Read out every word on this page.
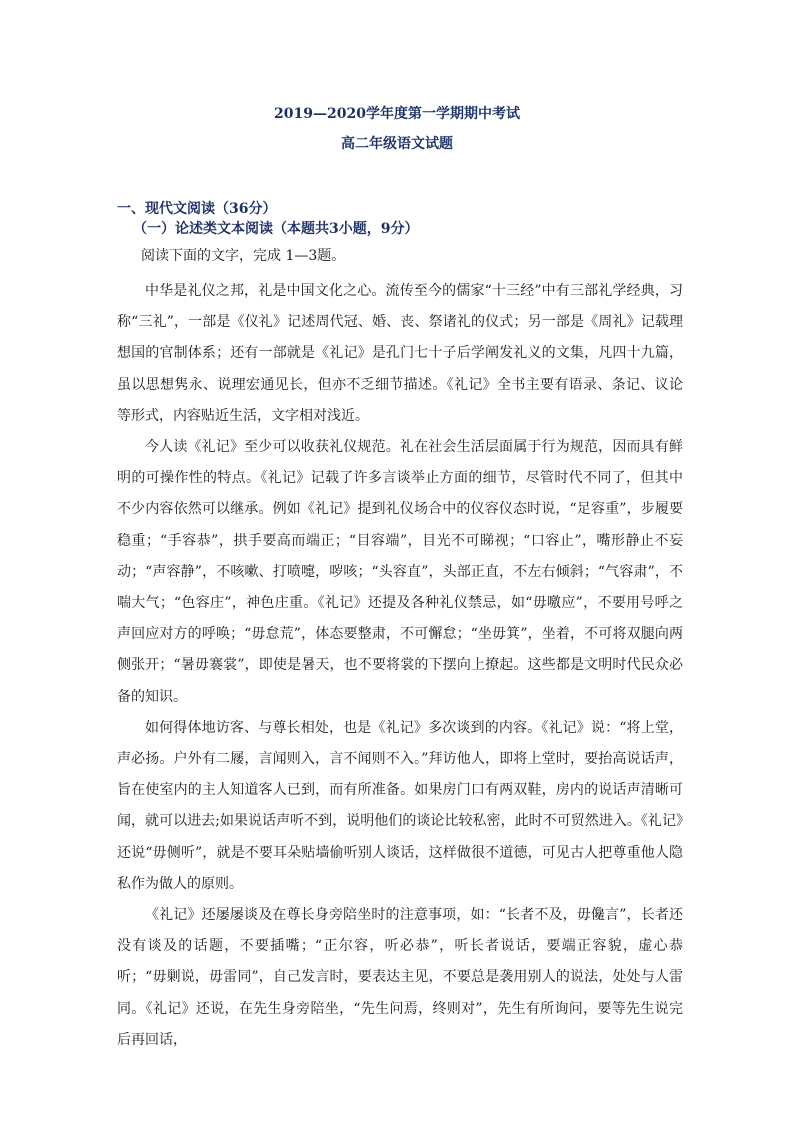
2019—2020学年度第一学期期中考试
高二年级语文试题
一、现代文阅读（36分）
（一）论述类文本阅读（本题共3小题，9分）
阅读下面的文字，完成 1—3题。

中华是礼仪之邦，礼是中国文化之心。流传至今的儒家“十三经”中有三部礼学经典，习称“三礼”，一部是《仪礼》记述周代冠、婚、丧、祭诸礼的仪式；另一部是《周礼》记载理想国的官制体系；还有一部就是《礼记》是孔门七十子后学阐发礼义的文集，凡四十九篇，虽以思想隽永、说理宏通见长，但亦不乏细节描述。《礼记》全书主要有语录、条记、议论等形式，内容贴近生活，文字相对浅近。

今人读《礼记》至少可以收获礼仪规范。礼在社会生活层面属于行为规范，因而具有鲜明的可操作性的特点。《礼记》记载了许多言谈举止方面的细节，尽管时代不同了，但其中不少内容依然可以继承。例如《礼记》提到礼仪场合中的仪容仪态时说，“足容重”，步履要稳重；“手容恭”，拱手要高而端正；“目容端”，目光不可睇视；“口容止”，嘴形静止不妄动；“声容静”，不咳嗽、打喷嚏，哕咳；“头容直”，头部正直，不左右倾斜；“气容肃”，不喘大气；“色容庄”，神色庄重。《礼记》还提及各种礼仪禁忌，如“毋噭应”，不要用号呼之声回应对方的呼唤；“毋怠荒”，体态要整肃，不可懈怠；“坐毋箕”，坐着，不可将双腿向两侧张开；“暑毋褰裳”，即使是暑天，也不要将裳的下摆向上撩起。这些都是文明时代民众必备的知识。

如何得体地访客、与尊长相处，也是《礼记》多次谈到的内容。《礼记》说：“将上堂，声必扬。户外有二屦，言闻则入，言不闻则不入。”拜访他人，即将上堂时，要抬高说话声，旨在使室内的主人知道客人已到，而有所准备。如果房门口有两双鞋，房内的说话声清晰可闻，就可以进去;如果说话声听不到，说明他们的谈论比较私密，此时不可贸然进入。《礼记》还说“毋侧听”，就是不要耳朵贴墙偷听别人谈话，这样做很不道德，可见古人把尊重他人隐私作为做人的原则。

《礼记》还屡屡谈及在尊长身旁陪坐时的注意事项，如：“长者不及，毋儳言”，长者还没有谈及的话题，不要插嘴；“正尔容，听必恭”，听长者说话，要端正容貌，虚心恭听；“毋剿说，毋雷同”，自己发言时，要表达主见，不要总是袭用别人的说法，处处与人雷同。《礼记》还说，在先生身旁陪坐，“先生问焉，终则对”，先生有所询问，要等先生说完后再回话，
